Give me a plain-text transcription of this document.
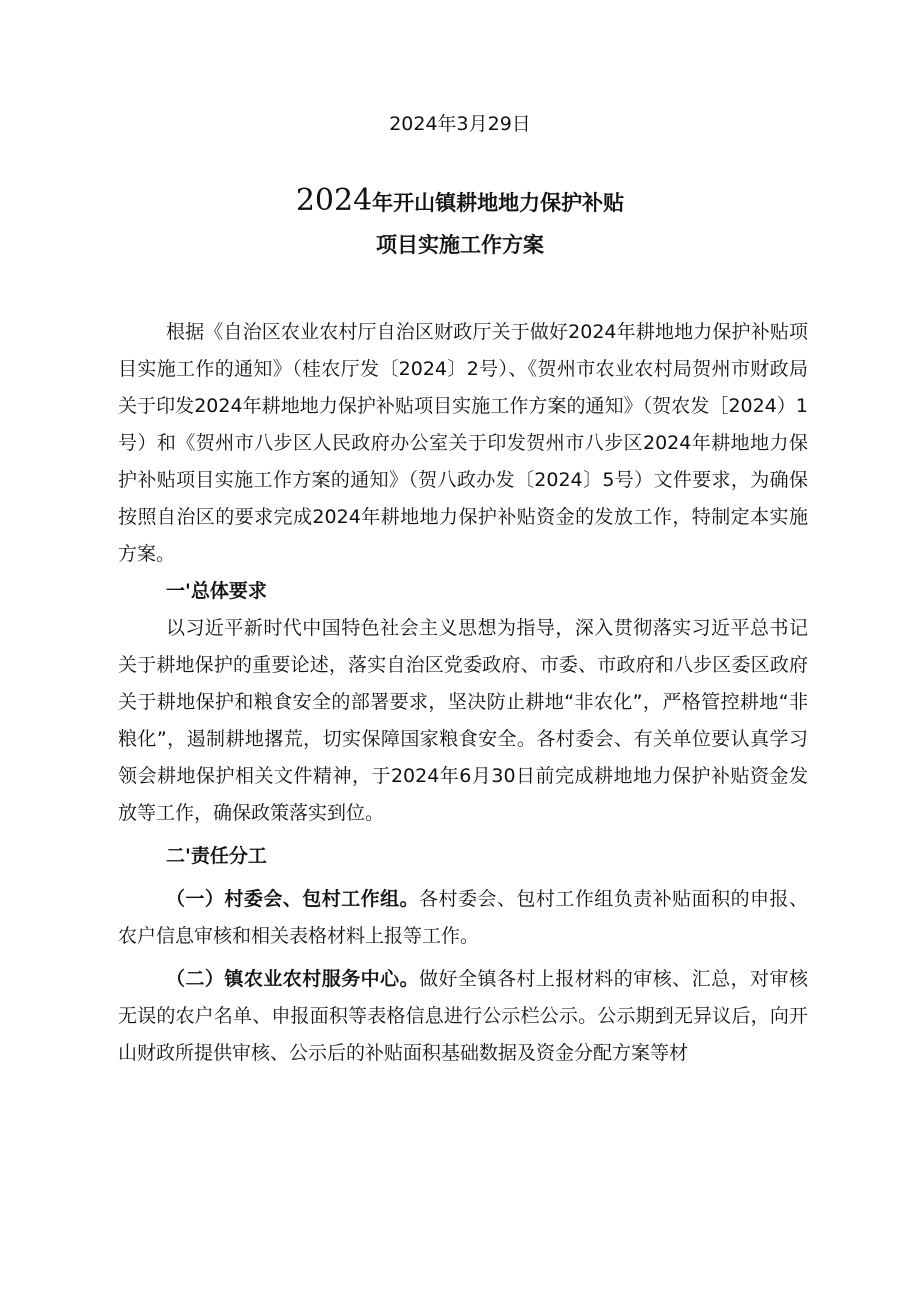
2024年3月29日
2024年开山镇耕地地力保护补贴
项目实施工作方案

根据《自治区农业农村厅自治区财政厅关于做好2024年耕地地力保护补贴项目实施工作的通知》（桂农厅发〔2024〕2号）、《贺州市农业农村局贺州市财政局关于印发2024年耕地地力保护补贴项目实施工作方案的通知》（贺农发［2024）1号）和《贺州市八步区人民政府办公室关于印发贺州市八步区2024年耕地地力保护补贴项目实施工作方案的通知》（贺八政办发〔2024〕5号）文件要求，为确保按照自治区的要求完成2024年耕地地力保护补贴资金的发放工作，特制定本实施方案。

一'总体要求

以习近平新时代中国特色社会主义思想为指导，深入贯彻落实习近平总书记关于耕地保护的重要论述，落实自治区党委政府、市委、市政府和八步区委区政府关于耕地保护和粮食安全的部署要求，坚决防止耕地“非农化”，严格管控耕地“非粮化”，遏制耕地撂荒，切实保障国家粮食安全。各村委会、有关单位要认真学习领会耕地保护相关文件精神，于2024年6月30日前完成耕地地力保护补贴资金发放等工作，确保政策落实到位。

二'责任分工

（一）村委会、包村工作组。各村委会、包村工作组负责补贴面积的申报、农户信息审核和相关表格材料上报等工作。

（二）镇农业农村服务中心。做好全镇各村上报材料的审核、汇总，对审核无误的农户名单、申报面积等表格信息进行公示栏公示。公示期到无异议后，向开山财政所提供审核、公示后的补贴面积基础数据及资金分配方案等材
